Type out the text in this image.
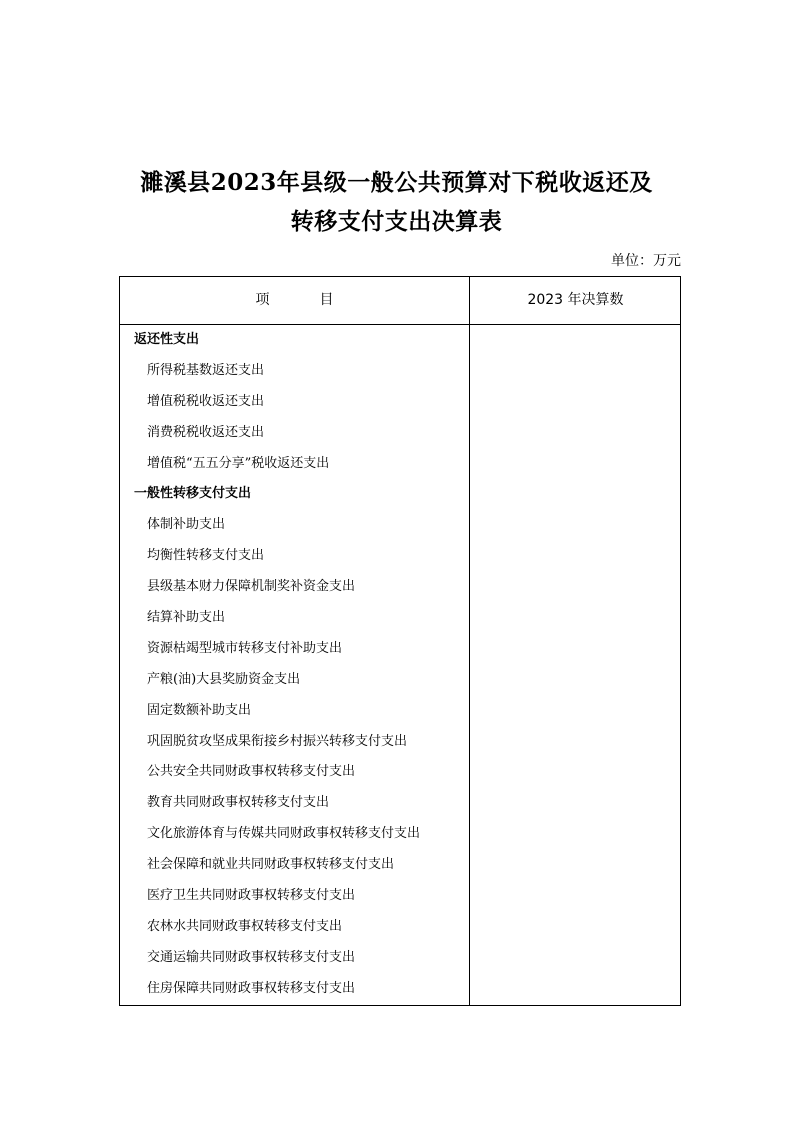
濉溪县2023年县级一般公共预算对下税收返还及
转移支付支出决算表
单位：万元
项	目	2023 年决算数
返还性支出
所得税基数返还支出
增值税税收返还支出
消费税税收返还支出
增值税“五五分享”税收返还支出
一般性转移支付支出
体制补助支出
均衡性转移支付支出
县级基本财力保障机制奖补资金支出
结算补助支出
资源枯竭型城市转移支付补助支出
产粮(油)大县奖励资金支出
固定数额补助支出
巩固脱贫攻坚成果衔接乡村振兴转移支付支出
公共安全共同财政事权转移支付支出
教育共同财政事权转移支付支出
文化旅游体育与传媒共同财政事权转移支付支出
社会保障和就业共同财政事权转移支付支出
医疗卫生共同财政事权转移支付支出
农林水共同财政事权转移支付支出
交通运输共同财政事权转移支付支出
住房保障共同财政事权转移支付支出
